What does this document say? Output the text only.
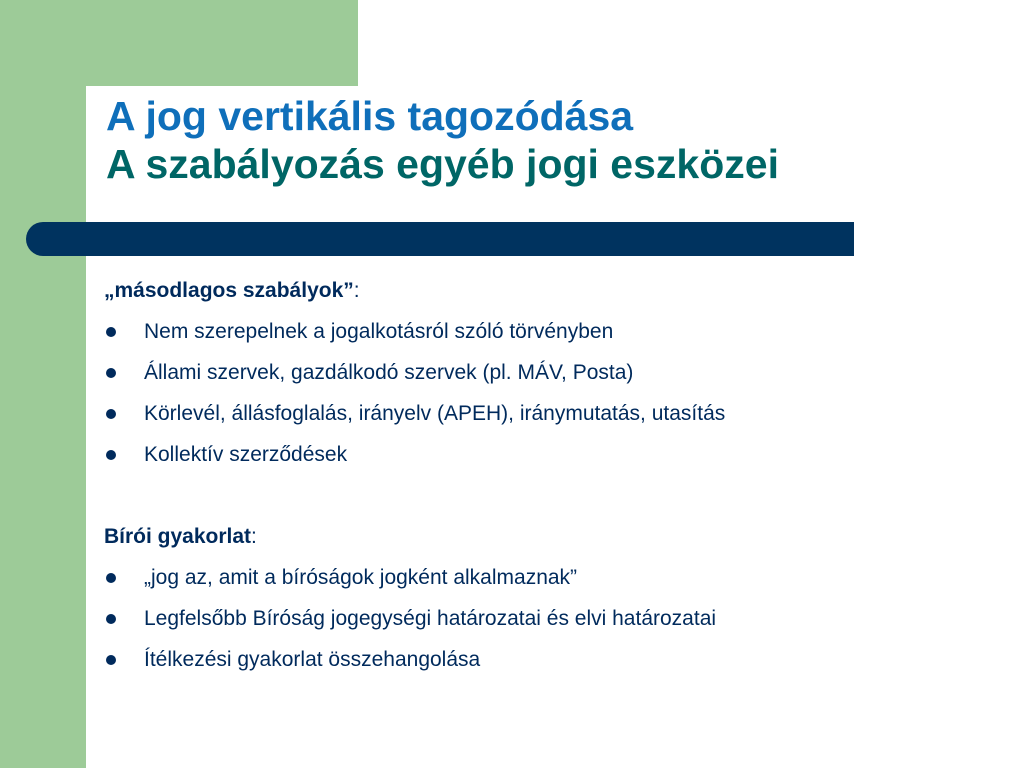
A jog vertikális tagozódása
A szabályozás egyéb jogi eszközei
„másodlagos szabályok”:
Nem szerepelnek a jogalkotásról szóló törvényben
Állami szervek, gazdálkodó szervek (pl. MÁV, Posta)
Körlevél, állásfoglalás, irányelv (APEH), iránymutatás, utasítás
Kollektív szerződések
Bírói gyakorlat:
„jog az, amit a bíróságok jogként alkalmaznak”
Legfelsőbb Bíróság jogegységi határozatai és elvi határozatai
Ítélkezési gyakorlat összehangolása
